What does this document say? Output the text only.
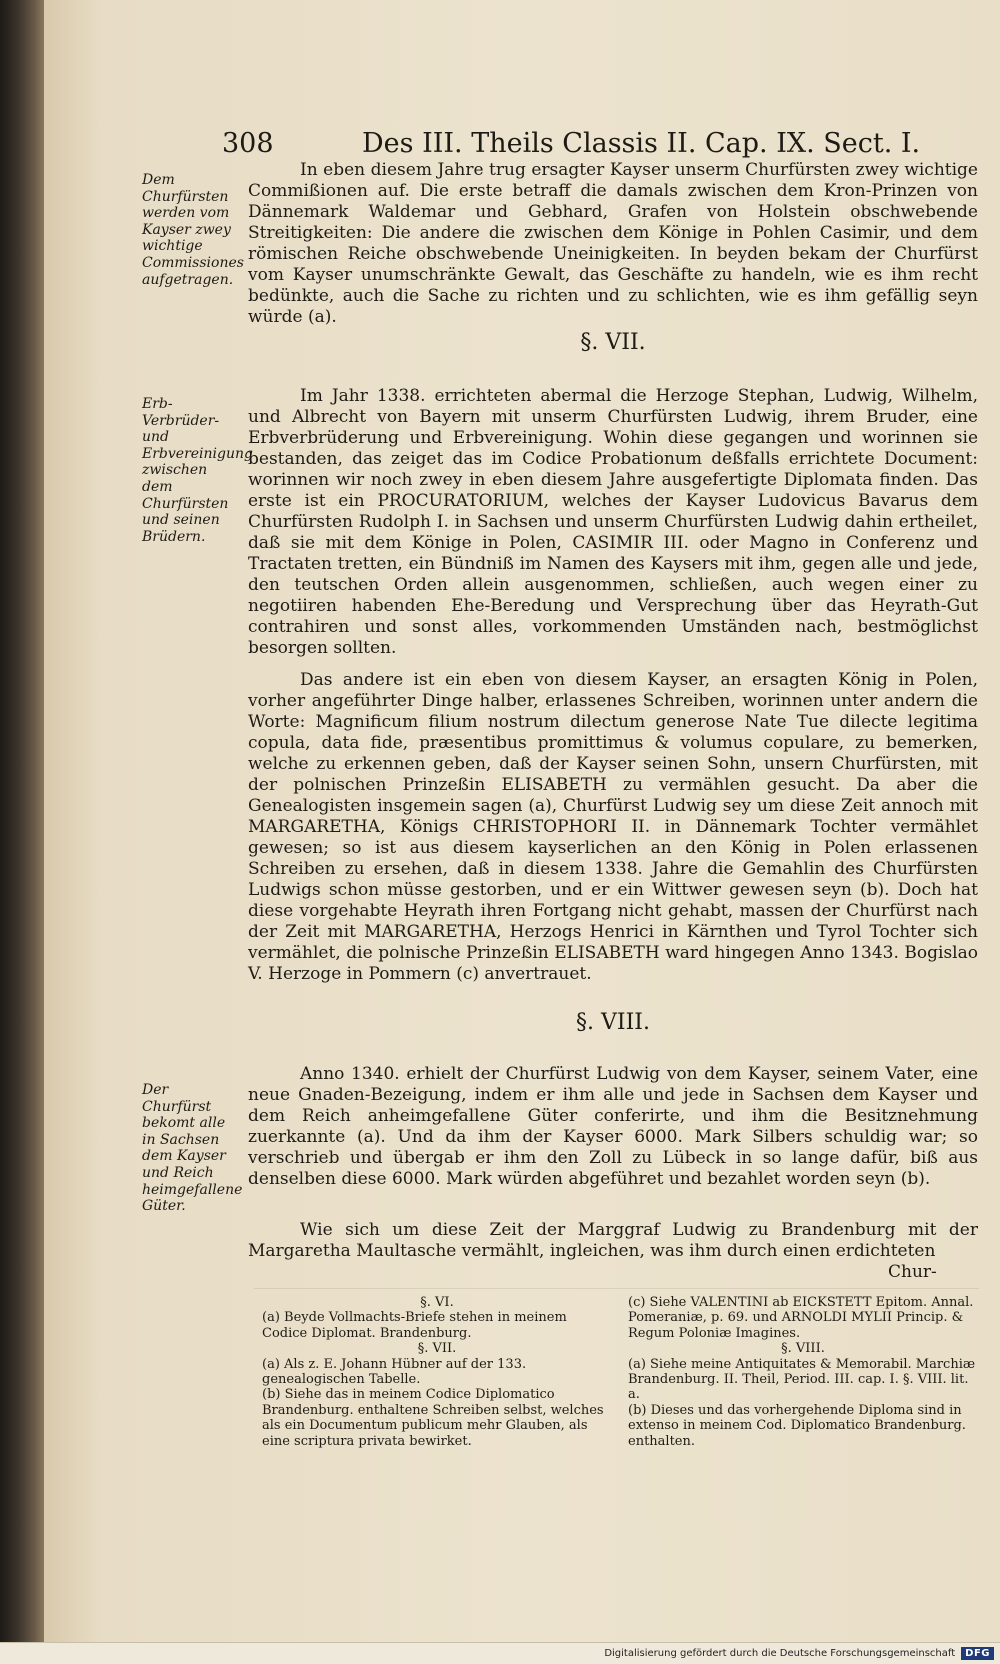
308	Des III. Theils Classis II. Cap. IX. Sect. I.
Dem Churfürsten werden vom Kayser zwey wichtige Commissiones aufgetragen.
In eben diesem Jahre trug ersagter Kayser unserm Churfürsten zwey wichtige Commißionen auf. Die erste betraff die damals zwischen dem Kron-Prinzen von Dännemark Waldemar und Gebhard, Grafen von Holstein obschwebende Streitigkeiten: Die andere die zwischen dem Könige in Pohlen Casimir, und dem römischen Reiche obschwebende Uneinigkeiten. In beyden bekam der Churfürst vom Kayser unumschränkte Gewalt, das Geschäfte zu handeln, wie es ihm recht bedünkte, auch die Sache zu richten und zu schlichten, wie es ihm gefällig seyn würde (a).
§. VII.
Erb-Verbrüder- und Erbvereinigung zwischen dem Churfürsten und seinen Brüdern.
Im Jahr 1338. errichteten abermal die Herzoge Stephan, Ludwig, Wilhelm, und Albrecht von Bayern mit unserm Churfürsten Ludwig, ihrem Bruder, eine Erbverbrüderung und Erbvereinigung. Wohin diese gegangen und worinnen sie bestanden, das zeiget das im Codice Probationum deßfalls errichtete Document: worinnen wir noch zwey in eben diesem Jahre ausgefertigte Diplomata finden. Das erste ist ein PROCURATORIUM, welches der Kayser Ludovicus Bavarus dem Churfürsten Rudolph I. in Sachsen und unserm Churfürsten Ludwig dahin ertheilet, daß sie mit dem Könige in Polen, CASIMIR III. oder Magno in Conferenz und Tractaten tretten, ein Bündniß im Namen des Kaysers mit ihm, gegen alle und jede, den teutschen Orden allein ausgenommen, schließen, auch wegen einer zu negotiiren habenden Ehe-Beredung und Versprechung über das Heyrath-Gut contrahiren und sonst alles, vorkommenden Umständen nach, bestmöglichst besorgen sollten.
Das andere ist ein eben von diesem Kayser, an ersagten König in Polen, vorher angeführter Dinge halber, erlassenes Schreiben, worinnen unter andern die Worte: Magnificum filium nostrum dilectum generose Nate Tue dilecte legitima copula, data fide, præsentibus promittimus & volumus copulare, zu bemerken, welche zu erkennen geben, daß der Kayser seinen Sohn, unsern Churfürsten, mit der polnischen Prinzeßin ELISABETH zu vermählen gesucht. Da aber die Genealogisten insgemein sagen (a), Churfürst Ludwig sey um diese Zeit annoch mit MARGARETHA, Königs CHRISTOPHORI II. in Dännemark Tochter vermählet gewesen; so ist aus diesem kayserlichen an den König in Polen erlassenen Schreiben zu ersehen, daß in diesem 1338. Jahre die Gemahlin des Churfürsten Ludwigs schon müsse gestorben, und er ein Wittwer gewesen seyn (b). Doch hat diese vorgehabte Heyrath ihren Fortgang nicht gehabt, massen der Churfürst nach der Zeit mit MARGARETHA, Herzogs Henrici in Kärnthen und Tyrol Tochter sich vermählet, die polnische Prinzeßin ELISABETH ward hingegen Anno 1343. Bogislao V. Herzoge in Pommern (c) anvertrauet.
§. VIII.
Der Churfürst bekomt alle in Sachsen dem Kayser und Reich heimgefallene Güter.
Anno 1340. erhielt der Churfürst Ludwig von dem Kayser, seinem Vater, eine neue Gnaden-Bezeigung, indem er ihm alle und jede in Sachsen dem Kayser und dem Reich anheimgefallene Güter conferirte, und ihm die Besitznehmung zuerkannte (a). Und da ihm der Kayser 6000. Mark Silbers schuldig war; so verschrieb und übergab er ihm den Zoll zu Lübeck in so lange dafür, biß aus denselben diese 6000. Mark würden abgeführet und bezahlet worden seyn (b).
Wie sich um diese Zeit der Marggraf Ludwig zu Brandenburg mit der Margaretha Maultasche vermählt, ingleichen, was ihm durch einen erdichteten
Chur-
§. VI.
(a) Beyde Vollmachts-Briefe stehen in meinem Codice Diplomat. Brandenburg.
§. VII.
(a) Als z. E. Johann Hübner auf der 133. genealogischen Tabelle.
(b) Siehe das in meinem Codice Diplomatico Brandenburg. enthaltene Schreiben selbst, welches als ein Documentum publicum mehr Glauben, als eine scriptura privata bewirket.
(c) Siehe VALENTINI ab EICKSTETT Epitom. Annal. Pomeraniæ, p. 69. und ARNOLDI MYLII Princip. & Regum Poloniæ Imagines.
§. VIII.
(a) Siehe meine Antiquitates & Memorabil. Marchiæ Brandenburg. II. Theil, Period. III. cap. I. §. VIII. lit. a.
(b) Dieses und das vorhergehende Diploma sind in extenso in meinem Cod. Diplomatico Brandenburg. enthalten.
Digitalisierung gefördert durch die Deutsche Forschungsgemeinschaft	DFG
